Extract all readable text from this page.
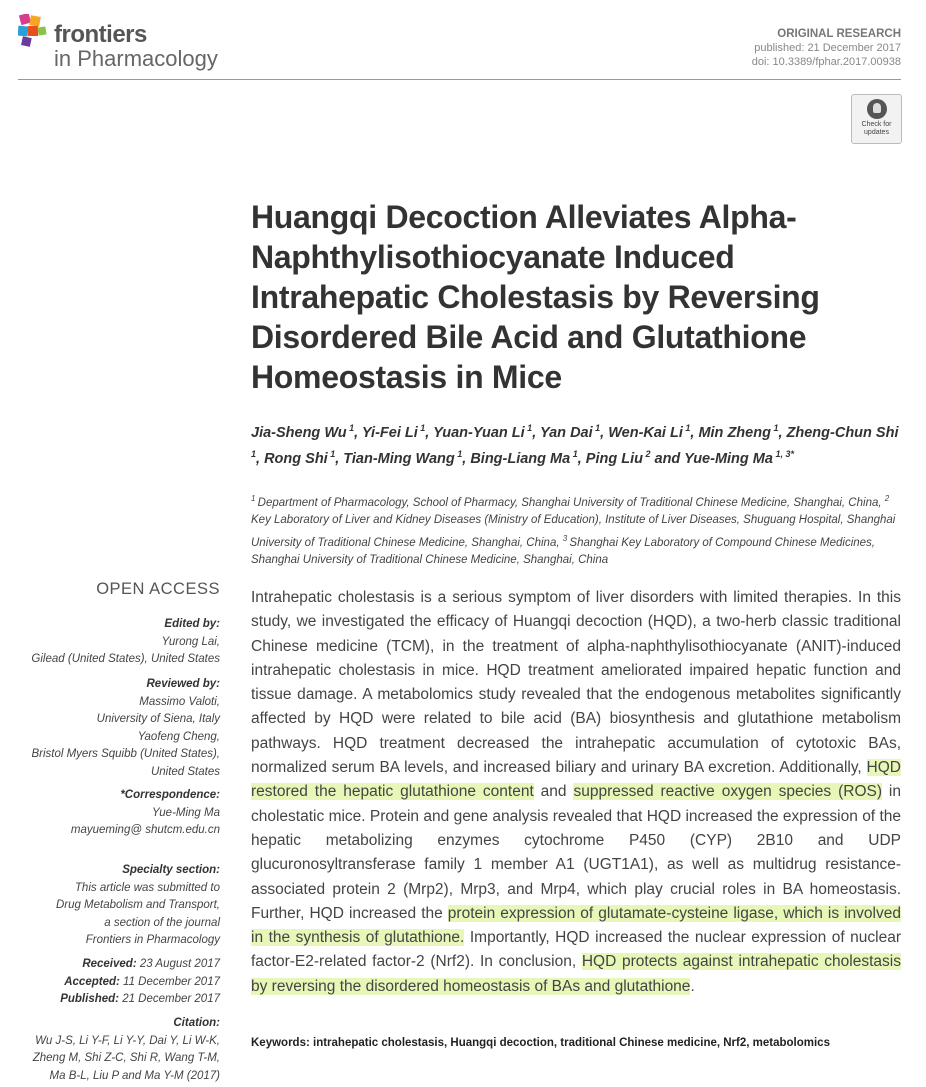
frontiers
in Pharmacology
ORIGINAL RESEARCH
published: 21 December 2017
doi: 10.3389/fphar.2017.00938
Check for
updates
Huangqi Decoction Alleviates Alpha-Naphthylisothiocyanate Induced Intrahepatic Cholestasis by Reversing Disordered Bile Acid and Glutathione Homeostasis in Mice
Jia-Sheng Wu $^1$, Yi-Fei Li $^1$, Yuan-Yuan Li $^1$, Yan Dai $^1$, Wen-Kai Li $^1$, Min Zheng $^1$, Zheng-Chun Shi $^1$, Rong Shi $^1$, Tian-Ming Wang $^1$, Bing-Liang Ma $^1$, Ping Liu $^2$ and Yue-Ming Ma $^{1, 3*}$
$^1$ Department of Pharmacology, School of Pharmacy, Shanghai University of Traditional Chinese Medicine, Shanghai, China, $^2$ Key Laboratory of Liver and Kidney Diseases (Ministry of Education), Institute of Liver Diseases, Shuguang Hospital, Shanghai University of Traditional Chinese Medicine, Shanghai, China, $^3$ Shanghai Key Laboratory of Compound Chinese Medicines, Shanghai University of Traditional Chinese Medicine, Shanghai, China
OPEN ACCESS
Edited by:
Yurong Lai,
Gilead (United States), United States
Reviewed by:
Massimo Valoti,
University of Siena, Italy
Yaofeng Cheng,
Bristol Myers Squibb (United States),
United States
*Correspondence:
Yue-Ming Ma
mayueming@ shutcm.edu.cn
Specialty section:
This article was submitted to
Drug Metabolism and Transport,
a section of the journal
Frontiers in Pharmacology
Received: 23 August 2017
Accepted: 11 December 2017
Published: 21 December 2017
Citation:
Wu J-S, Li Y-F, Li Y-Y, Dai Y, Li W-K,
Zheng M, Shi Z-C, Shi R, Wang T-M,
Ma B-L, Liu P and Ma Y-M (2017)
Intrahepatic cholestasis is a serious symptom of liver disorders with limited therapies. In this study, we investigated the efficacy of Huangqi decoction (HQD), a two-herb classic traditional Chinese medicine (TCM), in the treatment of alpha-naphthylisothiocyanate (ANIT)-induced intrahepatic cholestasis in mice. HQD treatment ameliorated impaired hepatic function and tissue damage. A metabolomics study revealed that the endogenous metabolites significantly affected by HQD were related to bile acid (BA) biosynthesis and glutathione metabolism pathways. HQD treatment decreased the intrahepatic accumulation of cytotoxic BAs, normalized serum BA levels, and increased biliary and urinary BA excretion. Additionally, HQD restored the hepatic glutathione content and suppressed reactive oxygen species (ROS) in cholestatic mice. Protein and gene analysis revealed that HQD increased the expression of the hepatic metabolizing enzymes cytochrome P450 (CYP) 2B10 and UDP glucuronosyltransferase family 1 member A1 (UGT1A1), as well as multidrug resistance-associated protein 2 (Mrp2), Mrp3, and Mrp4, which play crucial roles in BA homeostasis. Further, HQD increased the protein expression of glutamate-cysteine ligase, which is involved in the synthesis of glutathione. Importantly, HQD increased the nuclear expression of nuclear factor-E2-related factor-2 (Nrf2). In conclusion, HQD protects against intrahepatic cholestasis by reversing the disordered homeostasis of BAs and glutathione.
Keywords: intrahepatic cholestasis, Huangqi decoction, traditional Chinese medicine, Nrf2, metabolomics
